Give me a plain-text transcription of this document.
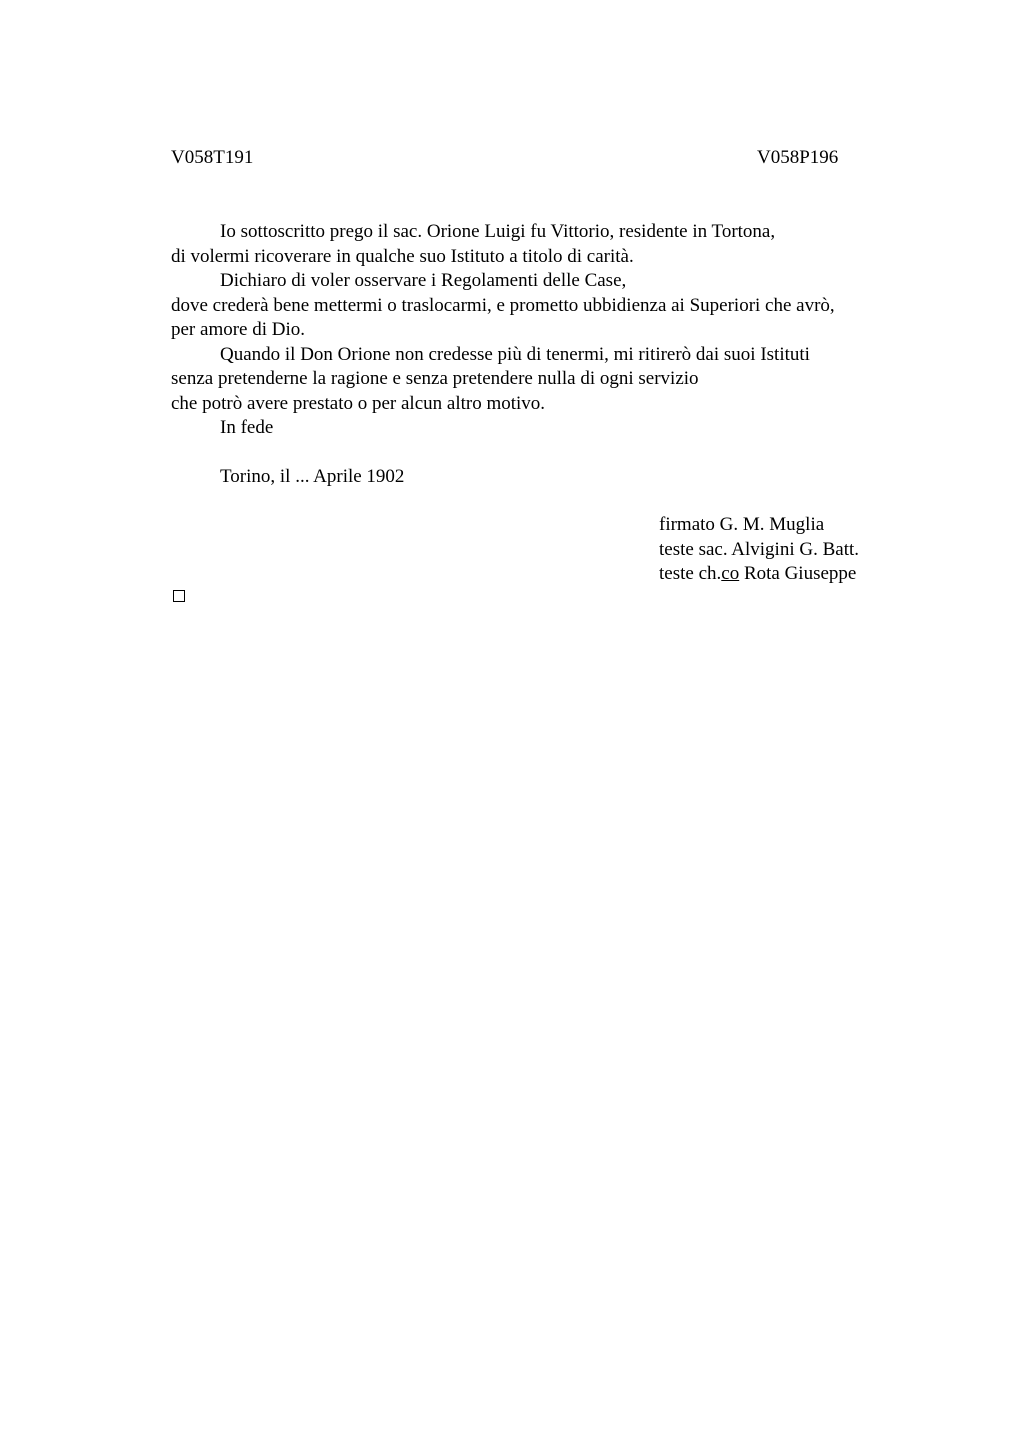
V058T191	V058P196
Io sottoscritto prego il sac. Orione Luigi fu Vittorio, residente in Tortona,
di volermi ricoverare in qualche suo Istituto a titolo di carità.
Dichiaro di voler osservare i Regolamenti delle Case,
dove crederà bene mettermi o traslocarmi, e prometto ubbidienza ai Superiori che avrò,
per amore di Dio.
Quando il Don Orione non credesse più di tenermi, mi ritirerò dai suoi Istituti
senza pretenderne la ragione e senza pretendere nulla di ogni servizio
che potrò avere prestato o per alcun altro motivo.
In fede
Torino, il ... Aprile 1902
firmato G. M. Muglia
teste sac. Alvigini G. Batt.
teste ch.co Rota Giuseppe
